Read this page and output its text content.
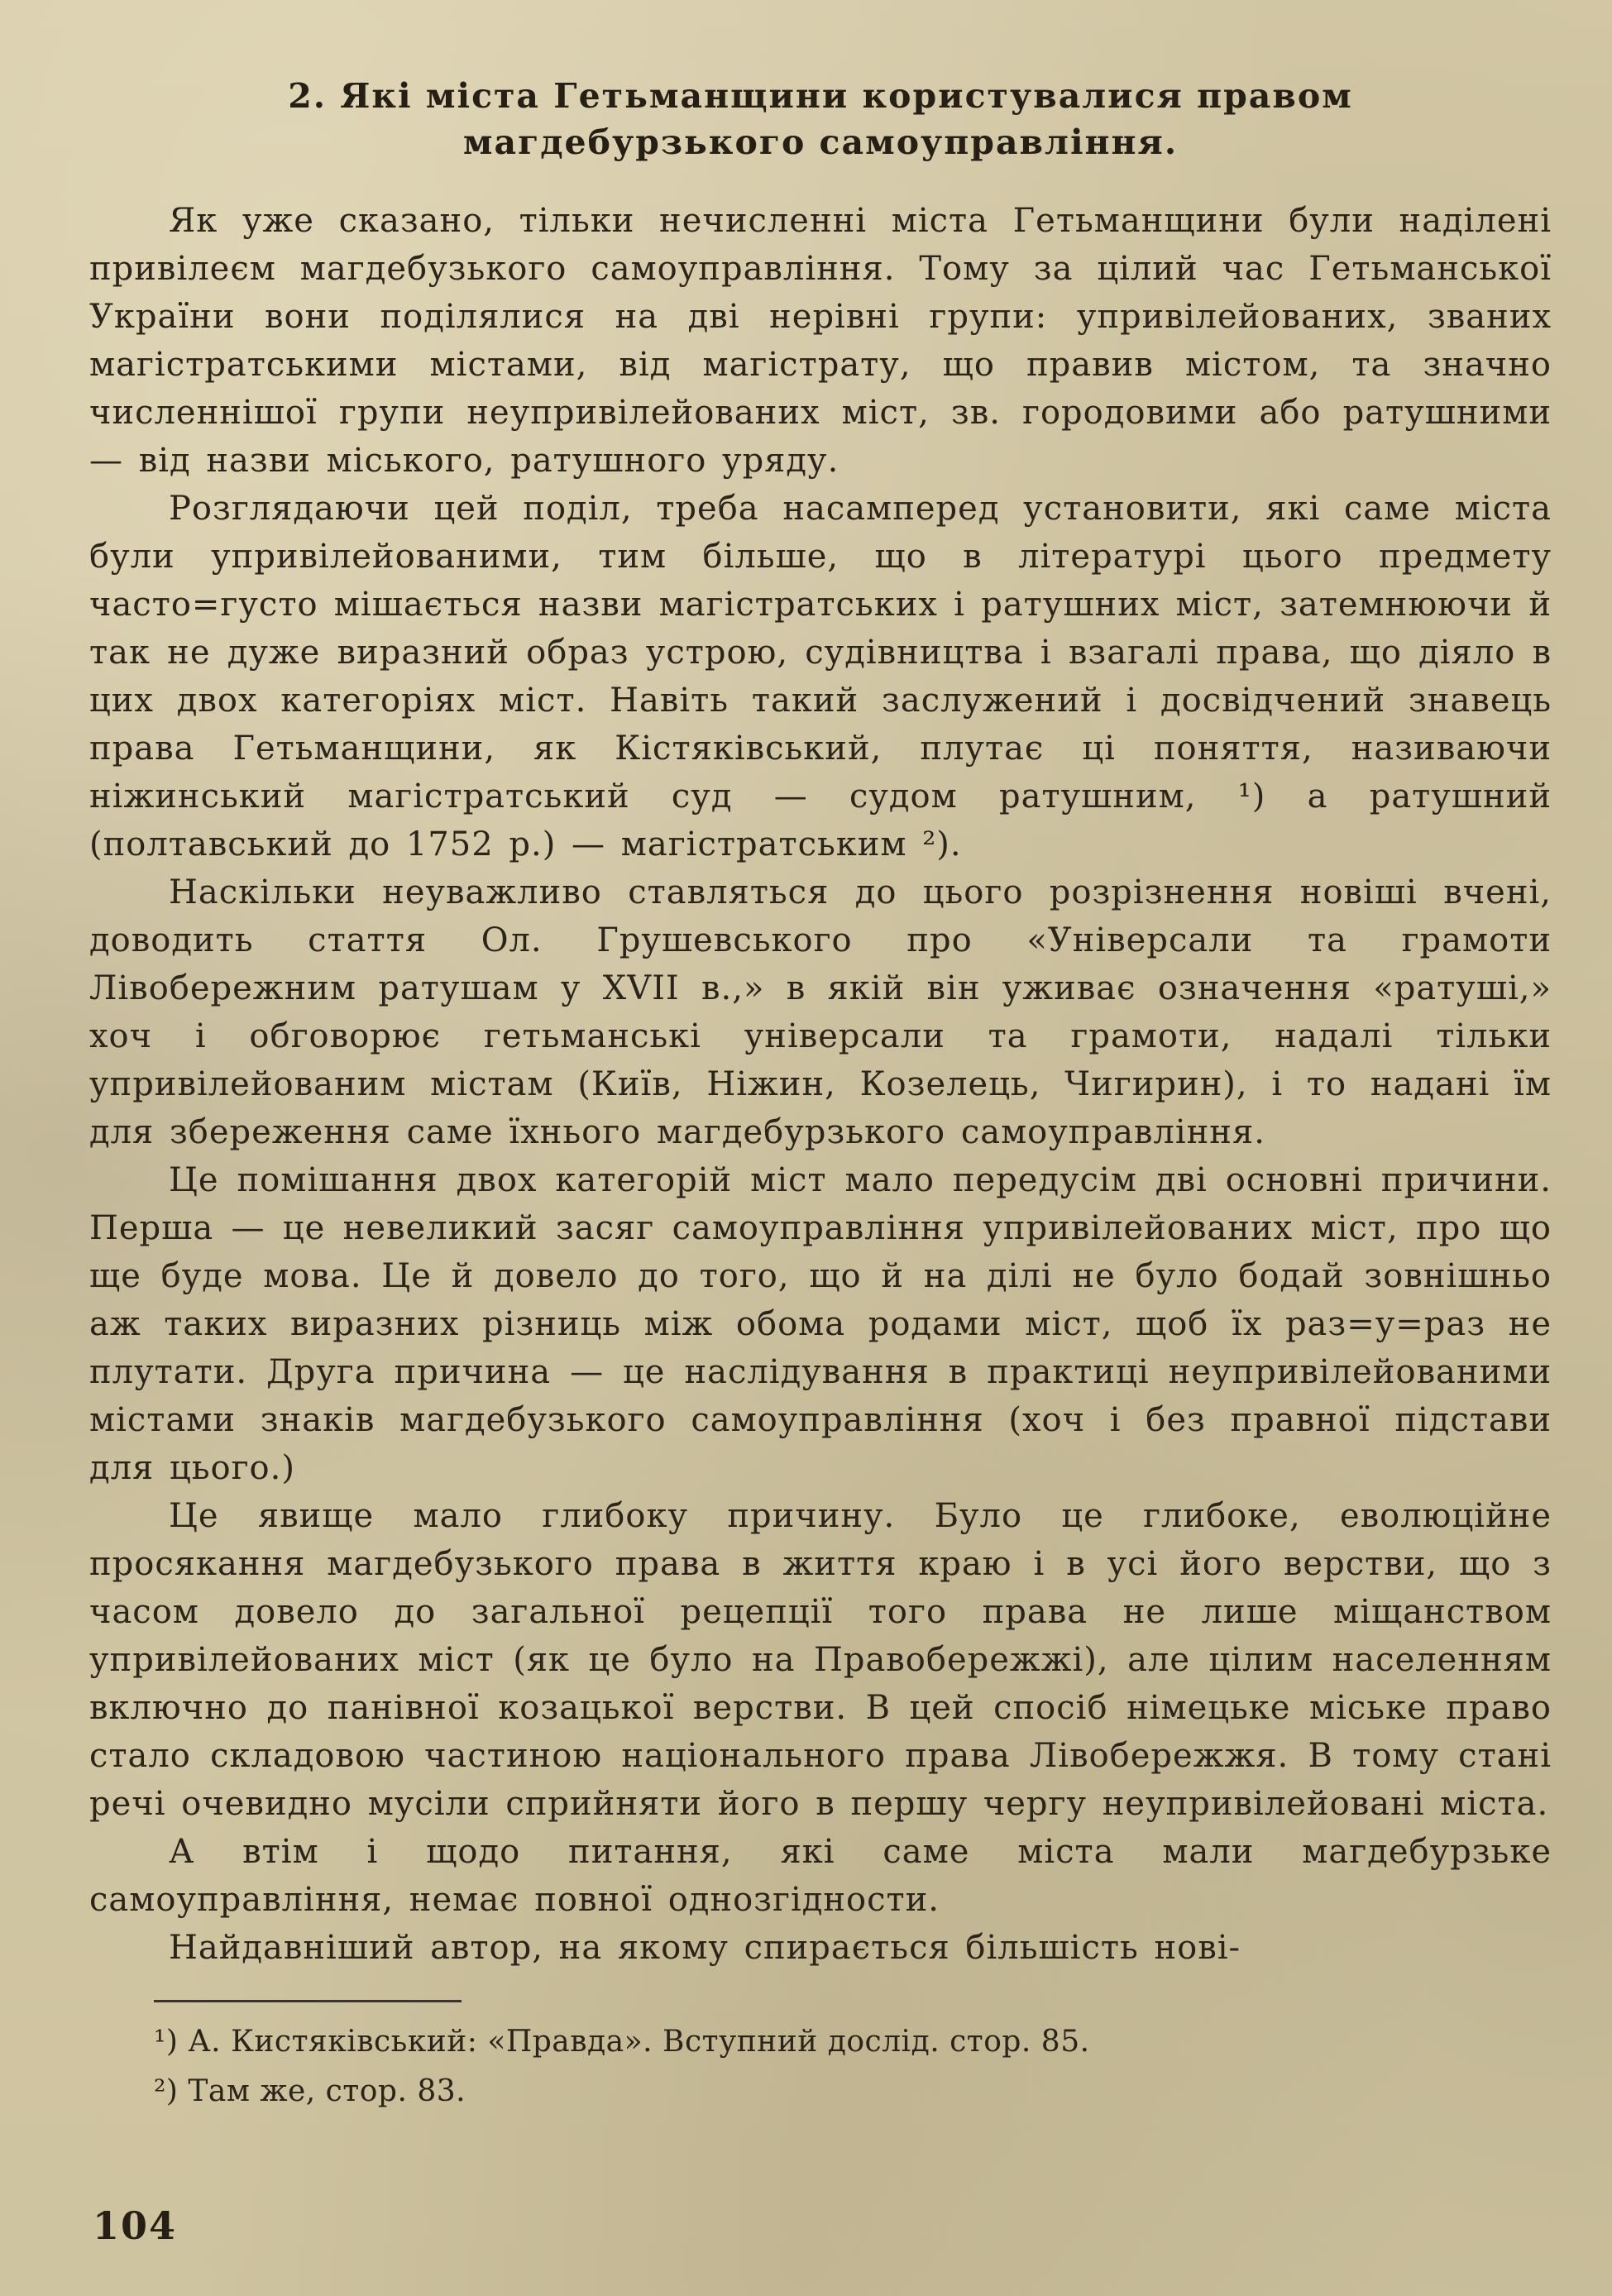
2. Які міста Гетьманщини користувалися правом
магдебурзького самоуправління.

Як уже сказано, тільки нечисленні міста Гетьманщини були наділені привілеєм магдебузького самоуправління. Тому за цілий час Гетьманської України вони поділялися на дві нерівні групи: упривілейованих, званих магістратськими містами, від магістрату, що правив містом, та значно численнішої групи неупривілейованих міст, зв. городовими або ратушними — від назви міського, ратушного уряду.

Розглядаючи цей поділ, треба насамперед установити, які саме міста були упривілейованими, тим більше, що в літературі цього предмету часто=густо мішається назви магістратських і ратушних міст, затемнюючи й так не дуже виразний образ устрою, судівництва і взагалі права, що діяло в цих двох категоріях міст. Навіть такий заслужений і досвідчений знавець права Гетьманщини, як Кістяківський, плутає ці поняття, називаючи ніжинський магістратський суд — судом ратушним, ¹) а ратушний (полтавський до 1752 р.) — магістратським ²).

Наскільки неуважливо ставляться до цього розрізнення новіші вчені, доводить стаття Ол. Грушевського про «Універсали та грамоти Лівобережним ратушам у XVII в.,» в якій він уживає означення «ратуші,» хоч і обговорює гетьманські універсали та грамоти, надалі тільки упривілейованим містам (Київ, Ніжин, Козелець, Чигирин), і то надані їм для збереження саме їхнього магдебурзького самоуправління.

Це помішання двох категорій міст мало передусім дві основні причини. Перша — це невеликий засяг самоуправління упривілейованих міст, про що ще буде мова. Це й довело до того, що й на ділі не було бодай зовнішньо аж таких виразних різниць між обома родами міст, щоб їх раз=у=раз не плутати. Друга причина — це наслідування в практиці неупривілейованими містами знаків магдебузького самоуправління (хоч і без правної підстави для цього.)

Це явище мало глибоку причину. Було це глибоке, еволюційне просякання магдебузького права в життя краю і в усі його верстви, що з часом довело до загальної рецепції того права не лише міщанством упривілейованих міст (як це було на Правобережжі), але цілим населенням включно до панівної козацької верстви. В цей спосіб німецьке міське право стало складовою частиною національного права Лівобережжя. В тому стані речі очевидно мусіли сприйняти його в першу чергу неупривілейовані міста.

А втім і щодо питання, які саме міста мали магдебурзьке самоуправління, немає повної однозгідности.

Найдавніший автор, на якому спирається більшість нові-

¹) А. Кистяківський: «Правда». Вступний дослід. стор. 85.

²) Там же, стор. 83.

104
